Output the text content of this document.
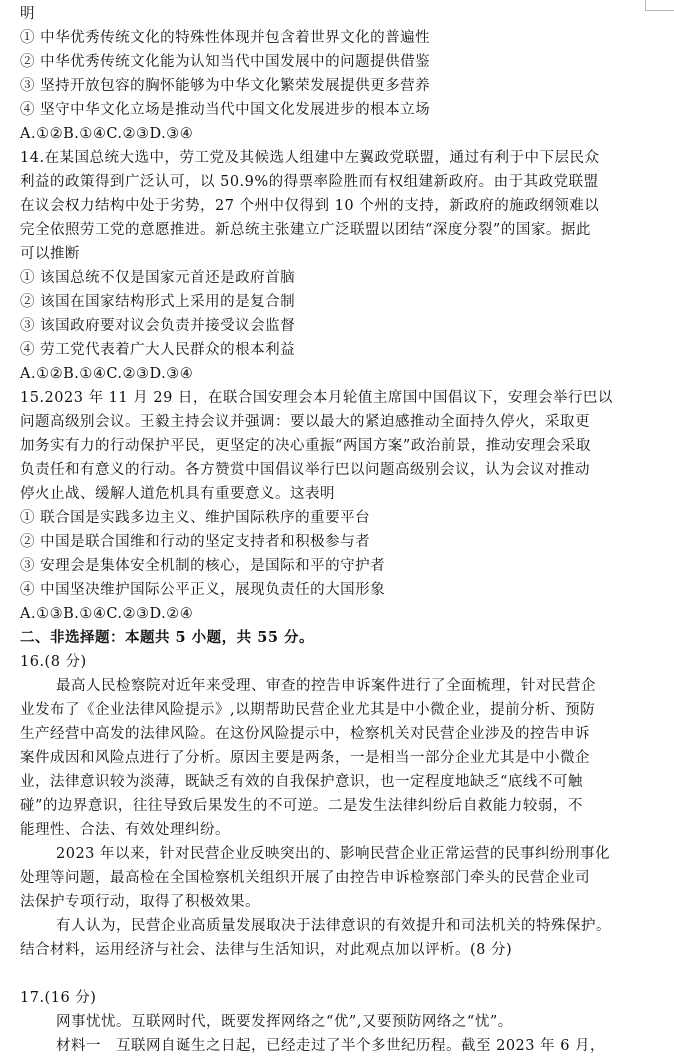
明
① 中华优秀传统文化的特殊性体现并包含着世界文化的普遍性
② 中华优秀传统文化能为认知当代中国发展中的问题提供借鉴
③ 坚持开放包容的胸怀能够为中华文化繁荣发展提供更多营养
④ 坚守中华文化立场是推动当代中国文化发展进步的根本立场
A.①②B.①④C.②③D.③④
14.在某国总统大选中，劳工党及其候选人组建中左翼政党联盟，通过有利于中下层民众
利益的政策得到广泛认可，以 50.9%的得票率险胜而有权组建新政府。由于其政党联盟
在议会权力结构中处于劣势，27 个州中仅得到 10 个州的支持，新政府的施政纲领难以
完全依照劳工党的意愿推进。新总统主张建立广泛联盟以团结“深度分裂”的国家。据此
可以推断
① 该国总统不仅是国家元首还是政府首脑
② 该国在国家结构形式上采用的是复合制
③ 该国政府要对议会负责并接受议会监督
④ 劳工党代表着广大人民群众的根本利益
A.①②B.①④C.②③D.③④
15.2023 年 11 月 29 日，在联合国安理会本月轮值主席国中国倡议下，安理会举行巴以
问题高级别会议。王毅主持会议并强调：要以最大的紧迫感推动全面持久停火，采取更
加务实有力的行动保护平民，更坚定的决心重振“两国方案”政治前景，推动安理会采取
负责任和有意义的行动。各方赞赏中国倡议举行巴以问题高级别会议，认为会议对推动
停火止战、缓解人道危机具有重要意义。这表明
① 联合国是实践多边主义、维护国际秩序的重要平台
② 中国是联合国维和行动的坚定支持者和积极参与者
③ 安理会是集体安全机制的核心，是国际和平的守护者
④ 中国坚决维护国际公平正义，展现负责任的大国形象
A.①③B.①④C.②③D.②④
二、非选择题：本题共 5 小题，共 55 分。
16.(8 分)
最高人民检察院对近年来受理、审查的控告申诉案件进行了全面梳理，针对民营企
业发布了《企业法律风险提示》,以期帮助民营企业尤其是中小微企业，提前分析、预防
生产经营中高发的法律风险。在这份风险提示中，检察机关对民营企业涉及的控告申诉
案件成因和风险点进行了分析。原因主要是两条，一是相当一部分企业尤其是中小微企
业，法律意识较为淡薄，既缺乏有效的自我保护意识，也一定程度地缺乏“底线不可触
碰”的边界意识，往往导致后果发生的不可逆。二是发生法律纠纷后自救能力较弱，不
能理性、合法、有效处理纠纷。
2023 年以来，针对民营企业反映突出的、影响民营企业正常运营的民事纠纷刑事化
处理等问题，最高检在全国检察机关组织开展了由控告申诉检察部门牵头的民营企业司
法保护专项行动，取得了积极效果。
有人认为，民营企业高质量发展取决于法律意识的有效提升和司法机关的特殊保护。
结合材料，运用经济与社会、法律与生活知识，对此观点加以评析。(8 分)
17.(16 分)
网事忧忧。互联网时代，既要发挥网络之“优”,又要预防网络之“忧”。
材料一　互联网自诞生之日起，已经走过了半个多世纪历程。截至 2023 年 6 月，
